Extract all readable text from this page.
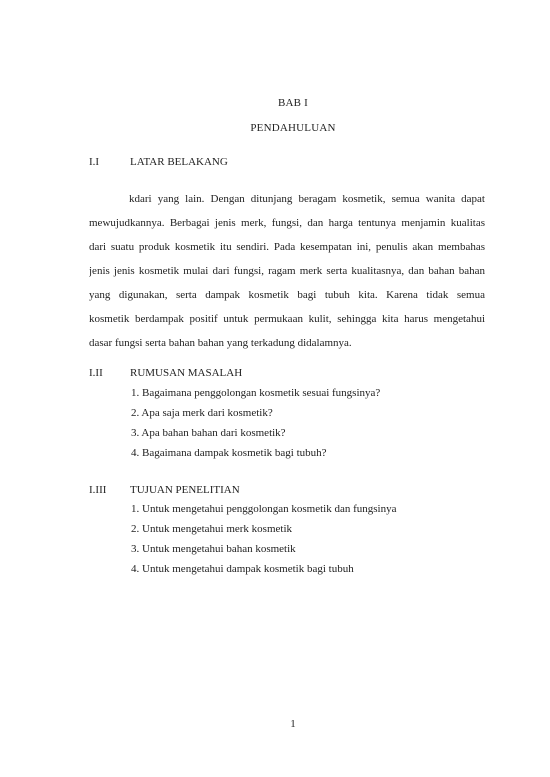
BAB I
PENDAHULUAN
I.I	LATAR BELAKANG
kdari yang lain. Dengan ditunjang beragam kosmetik, semua wanita dapat
mewujudkannya. Berbagai jenis merk, fungsi, dan harga tentunya menjamin kualitas
dari suatu produk kosmetik itu sendiri. Pada kesempatan ini, penulis akan membahas
jenis jenis kosmetik mulai dari fungsi, ragam merk serta kualitasnya, dan bahan bahan
yang digunakan, serta dampak kosmetik bagi tubuh kita. Karena tidak semua
kosmetik berdampak positif untuk permukaan kulit, sehingga kita harus mengetahui
dasar fungsi serta bahan bahan yang terkadung didalamnya.
I.II RUMUSAN MASALAH
1. Bagaimana penggolongan kosmetik sesuai fungsinya?
2. Apa saja merk dari kosmetik?
3. Apa bahan bahan dari kosmetik?
4. Bagaimana dampak kosmetik bagi tubuh?
I.III TUJUAN PENELITIAN
1. Untuk mengetahui penggolongan kosmetik dan fungsinya
2. Untuk mengetahui merk kosmetik
3. Untuk mengetahui bahan kosmetik
4. Untuk mengetahui dampak kosmetik bagi tubuh
1
